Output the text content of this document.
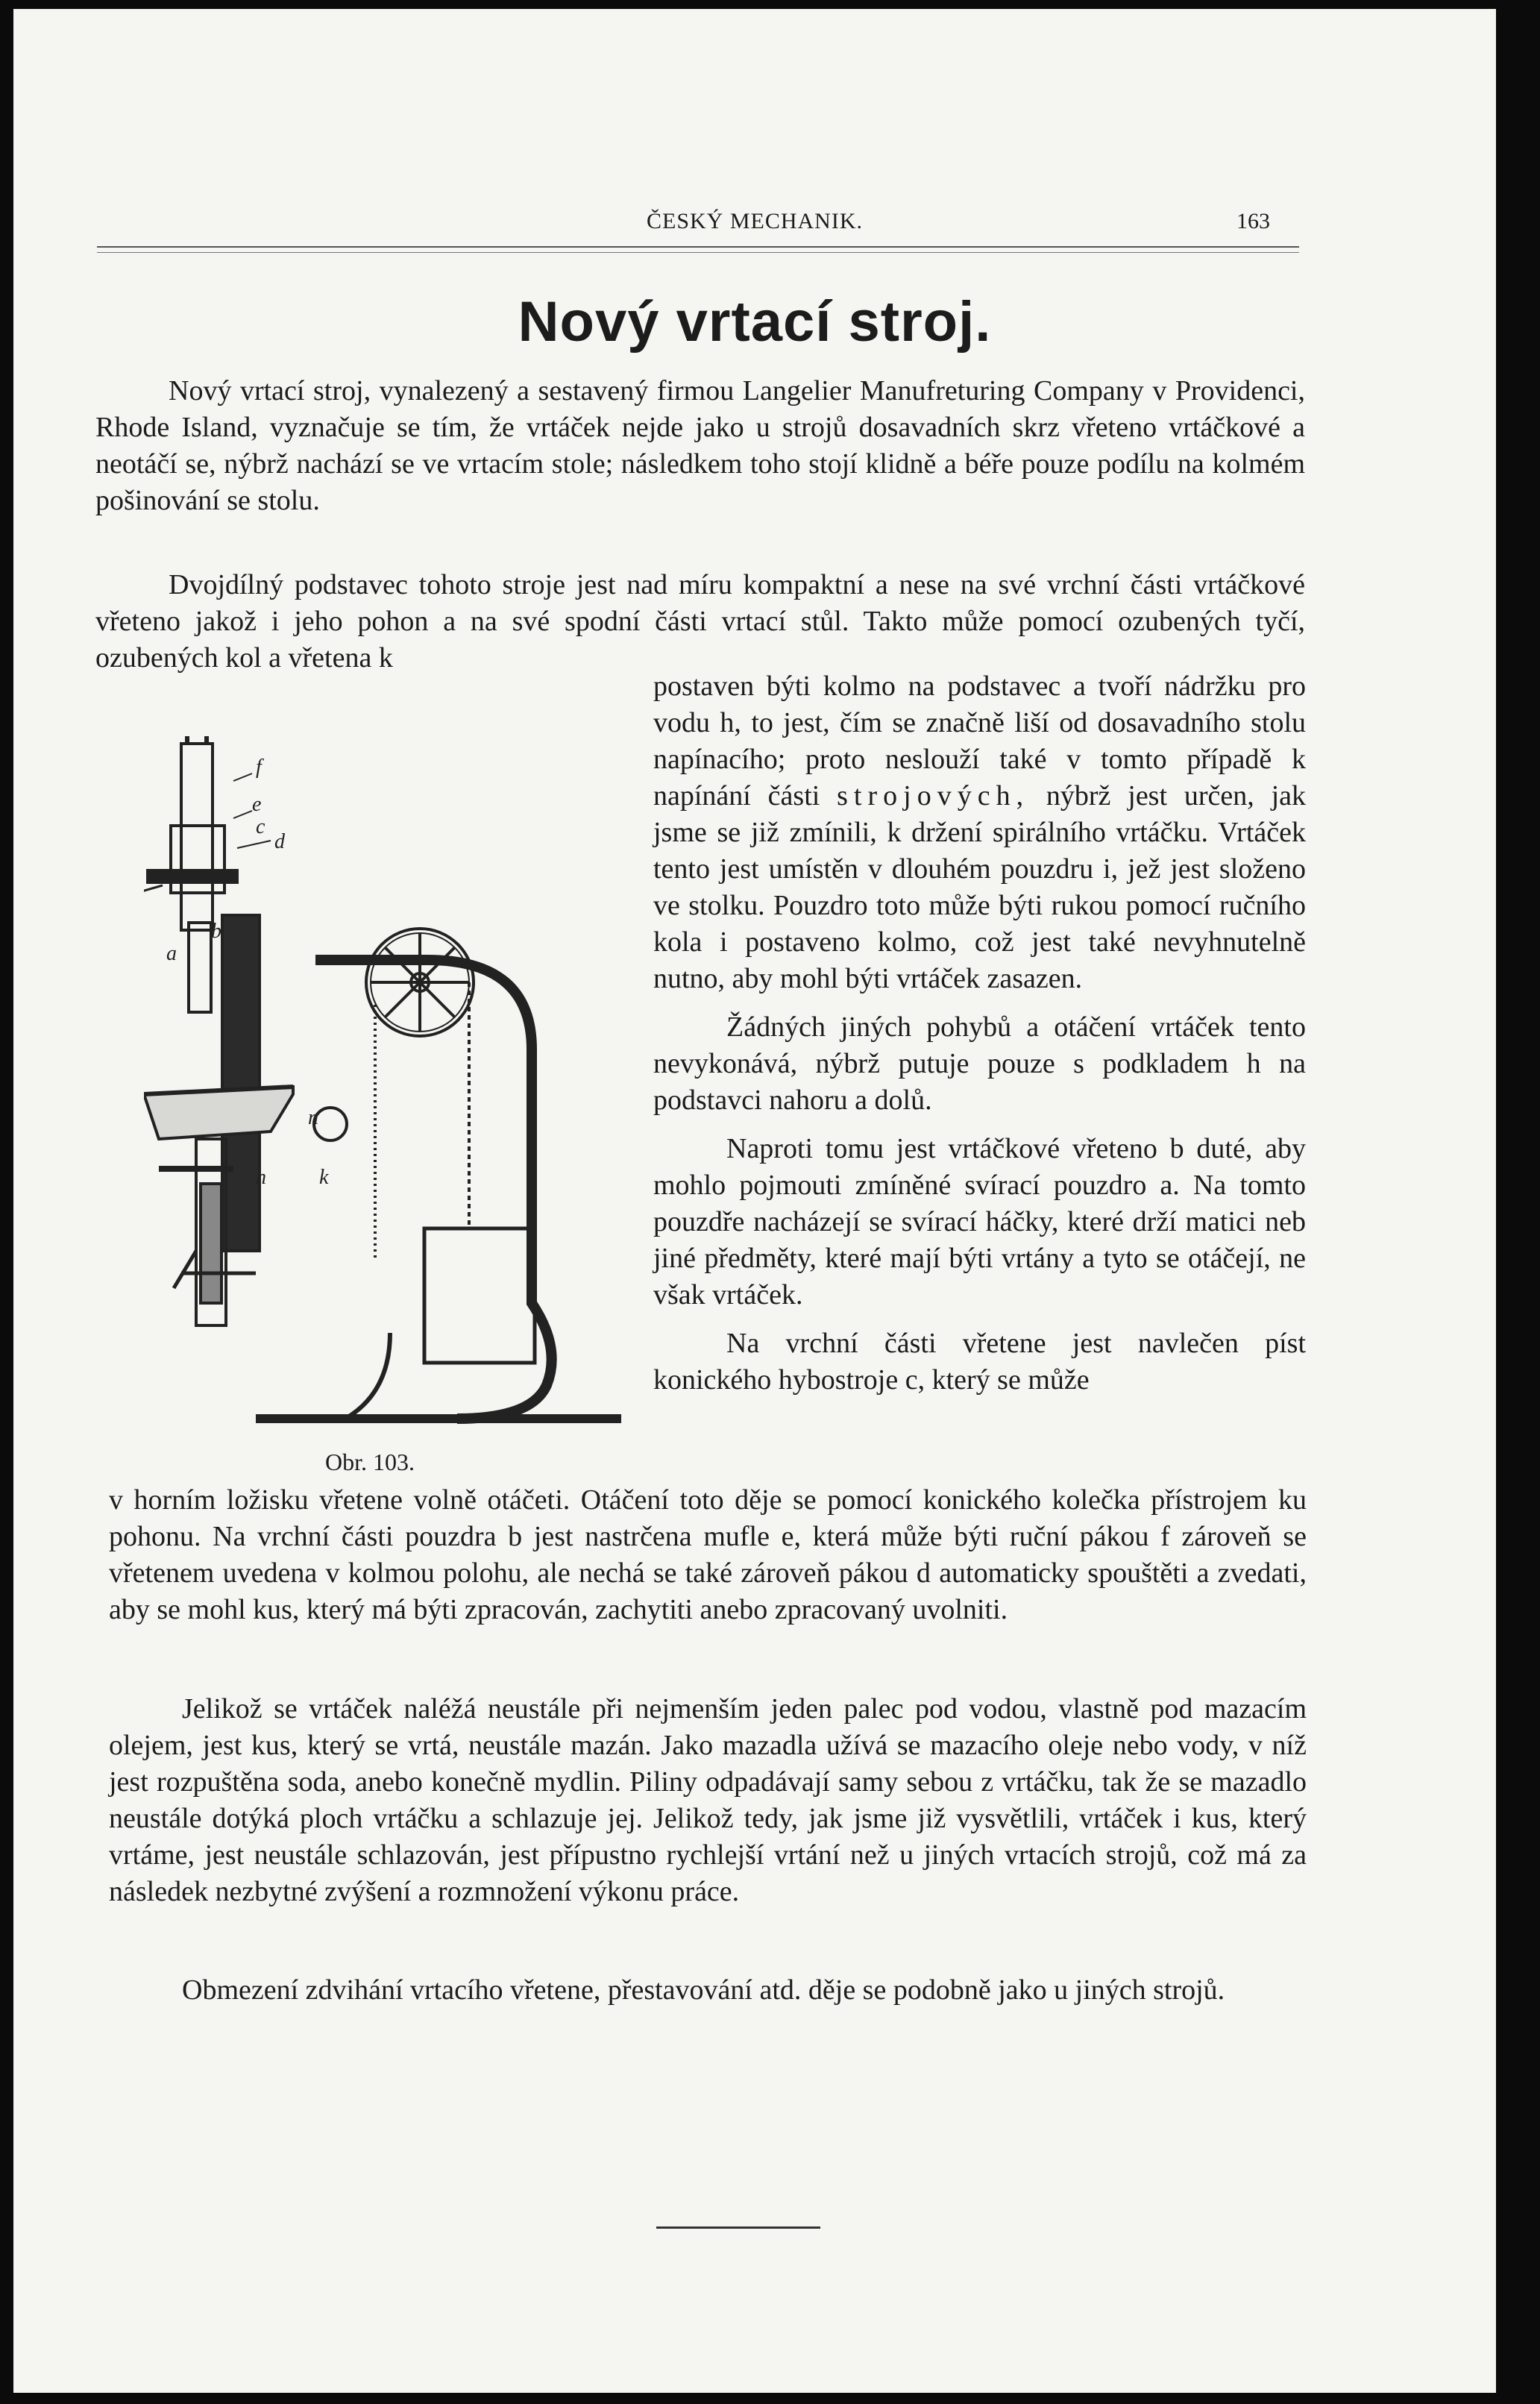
ČESKÝ MECHANIK.	163
Nový vrtací stroj.
Nový vrtací stroj, vynalezený a sestavený firmou Langelier Manufreturing Company v Providenci, Rhode Island, vyznačuje se tím, že vrtáček nejde jako u strojů dosavadních skrz vřeteno vrtáčkové a neotáčí se, nýbrž nachází se ve vrtacím stole; následkem toho stojí klidně a béře pouze podílu na kolmém pošinování se stolu.
Dvojdílný podstavec tohoto stroje jest nad míru kompaktní a nese na své vrchní části vrtáčkové vřeteno jakož i jeho pohon a na své spodní části vrtací stůl. Takto může pomocí ozubených tyčí, ozubených kol a vřetena k

postaven býti kolmo na podstavec a tvoří nádržku pro vodu h, to jest, čím se značně liší od dosavadního stolu napínacího; proto neslouží také v tomto případě k napínání části strojových, nýbrž jest určen, jak jsme se již zmínili, k držení spirálního vrtáčku. Vrtáček tento jest umístěn v dlouhém pouzdru i, jež jest složeno ve stolku. Pouzdro toto může býti rukou pomocí ručního kola i postaveno kolmo, což jest také nevyhnutelně nutno, aby mohl býti vrtáček zasazen.

Žádných jiných pohybů a otáčení vrtáček tento nevykonává, nýbrž putuje pouze s podkladem h na podstavci nahoru a dolů.

Naproti tomu jest vrtáčkové vřeteno b duté, aby mohlo pojmouti zmíněné svírací pouzdro a. Na tomto pouzdře nacházejí se svírací háčky, které drží matici neb jiné předměty, které mají býti vrtány a tyto se otáčejí, ne však vrtáček.

Na vrchní části vřetene jest navlečen píst konického hybostroje c, který se může

f
e
c
d
b
a
n
k
h
Obr. 103.
v horním ložisku vřetene volně otáčeti. Otáčení toto děje se pomocí konického kolečka přístrojem ku pohonu. Na vrchní části pouzdra b jest nastrčena mufle e, která může býti ruční pákou f zároveň se vřetenem uvedena v kolmou polohu, ale nechá se také zároveň pákou d automaticky spouštěti a zvedati, aby se mohl kus, který má býti zpracován, zachytiti anebo zpracovaný uvolniti.
Jelikož se vrtáček naléžá neustále při nejmenším jeden palec pod vodou, vlastně pod mazacím olejem, jest kus, který se vrtá, neustále mazán. Jako mazadla užívá se mazacího oleje nebo vody, v níž jest rozpuštěna soda, anebo konečně mydlin. Piliny odpadávají samy sebou z vrtáčku, tak že se mazadlo neustále dotýká ploch vrtáčku a schlazuje jej. Jelikož tedy, jak jsme již vysvětlili, vrtáček i kus, který vrtáme, jest neustále schlazován, jest přípustno rychlejší vrtání než u jiných vrtacích strojů, což má za následek nezbytné zvýšení a rozmnožení výkonu práce.
Obmezení zdvihání vrtacího vřetene, přestavování atd. děje se podobně jako u jiných strojů.
